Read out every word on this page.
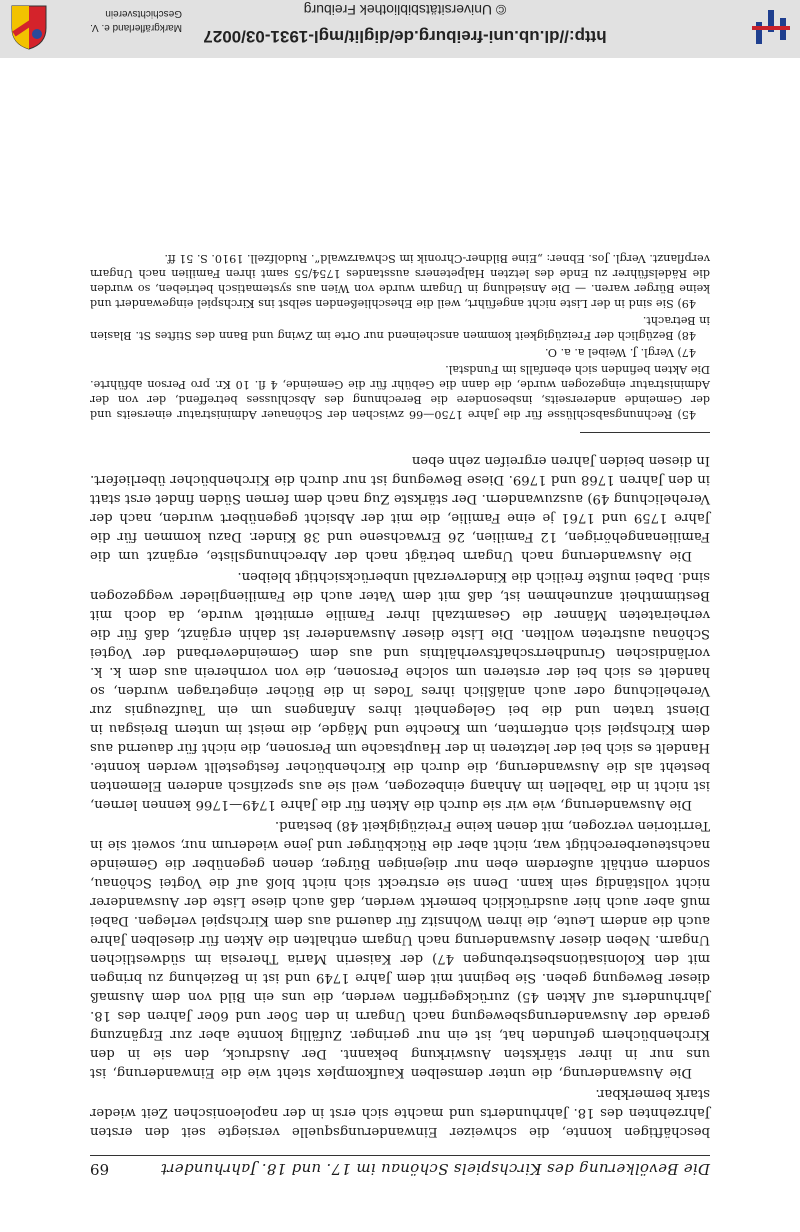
Markgräflerland e. V.
Geschichtsverein	© Universitätsbibliothek Freiburg
http://dl.ub.uni-freiburg.de/diglit/mgl-1931-03/0027
Die Bevölkerung des Kirchspiels Schönau im 17. und 18. Jahrhundert
69

beschäftigen konnte, die schweizer Einwanderungsquelle versiegte seit den ersten Jahrzehnten des 18. Jahrhunderts und machte sich erst in der napoleonischen Zeit wieder stark bemerkbar.

Die Auswanderung, die unter demselben Kaufkomplex steht wie die Einwanderung, ist uns nur in ihrer stärksten Auswirkung bekannt. Der Ausdruck, den sie in den Kirchenbüchern gefunden hat, ist ein nur geringer. Zufällig konnte aber zur Ergänzung gerade der Auswanderungsbewegung nach Ungarn in den 50er und 60er Jahren des 18. Jahrhunderts auf Akten 45) zurückgegriffen werden, die uns ein Bild von dem Ausmaß dieser Bewegung geben. Sie beginnt mit dem Jahre 1749 und ist in Beziehung zu bringen mit den Kolonisationsbestrebungen 47) der Kaiserin Maria Theresia im südwestlichen Ungarn. Neben dieser Auswanderung nach Ungarn enthalten die Akten für dieselben Jahre auch die andern Leute, die ihren Wohnsitz für dauernd aus dem Kirchspiel verlegen. Dabei muß aber auch hier ausdrücklich bemerkt werden, daß auch diese Liste der Auswanderer nicht vollständig sein kann. Denn sie erstreckt sich nicht bloß auf die Vogtei Schönau, sondern enthält außerdem eben nur diejenigen Bürger, denen gegenüber die Gemeinde nachsteuerberechtigt war, nicht aber die Rückbürger und jene wiederum nur, soweit sie in Territorien verzogen, mit denen keine Freizügigkeit 48) bestand.

Die Auswanderung, wie wir sie durch die Akten für die Jahre 1749—1766 kennen lernen, ist nicht in die Tabellen im Anhang einbezogen, weil sie aus spezifisch anderen Elementen besteht als die Auswanderung, die durch die Kirchenbücher festgestellt werden konnte. Handelt es sich bei der letzteren in der Hauptsache um Personen, die nicht für dauernd aus dem Kirchspiel sich entfernten, um Knechte und Mägde, die meist im untern Breisgau in Dienst traten und die bei Gelegenheit ihres Anfangens um ein Taufzeugnis zur Verehelichung oder auch anläßlich ihres Todes in die Bücher eingetragen wurden, so handelt es sich bei der ersteren um solche Personen, die von vornherein aus dem k. k. vorländischen Grundherrschaftsverhältnis und aus dem Gemeindeverband der Vogtei Schönau austreten wollten. Die Liste dieser Auswanderer ist dahin ergänzt, daß für die verheirateten Männer die Gesamtzahl ihrer Familie ermittelt wurde, da doch mit Bestimmtheit anzunehmen ist, daß mit dem Vater auch die Familienglieder weggezogen sind. Dabei mußte freilich die Kinderverzahl unberücksichtigt bleiben.

Die Auswanderung nach Ungarn beträgt nach der Abrechnungsliste, ergänzt um die Familienangehörigen, 12 Familien, 26 Erwachsene und 38 Kinder. Dazu kommen für die Jahre 1759 und 1761 je eine Familie, die mit der Absicht gegenübert wurden, nach der Verehelichung 49) auszuwandern. Der stärkste Zug nach dem fernen Süden findet erst statt in den Jahren 1768 und 1769. Diese Bewegung ist nur durch die Kirchenbücher überliefert. In diesen beiden Jahren ergreifen zehn eben

45) Rechnungsabschlüsse für die Jahre 1750—66 zwischen der Schönauer Administratur einerseits und der Gemeinde andererseits, insbesondere die Berechnung des Abschlusses betreffend, der von der Administratur eingezogen wurde, die dann die Gebühr für die Gemeinde, 4 fl. 10 Kr. pro Person abführte. Die Akten befinden sich ebenfalls im Fundstal.

47) Vergl. J. Weibel a. a. O.

48) Bezüglich der Freizügigkeit kommen anscheinend nur Orte im Zwing und Bann des Stiftes St. Blasien in Betracht.

49) Sie sind in der Liste nicht angeführt, weil die Eheschließenden selbst ins Kirchspiel eingewandert und keine Bürger waren. — Die Ansiedlung in Ungarn wurde von Wien aus systematisch betrieben, so wurden die Rädelsführer zu Ende des letzten Halpeteners ausstandes 1754/55 samt ihren Familien nach Ungarn verpflanzt. Vergl. Jos. Ebner: „Eine Bildner-Chronik im Schwarzwald“. Rudolfzell. 1910. S. 51 ff.
